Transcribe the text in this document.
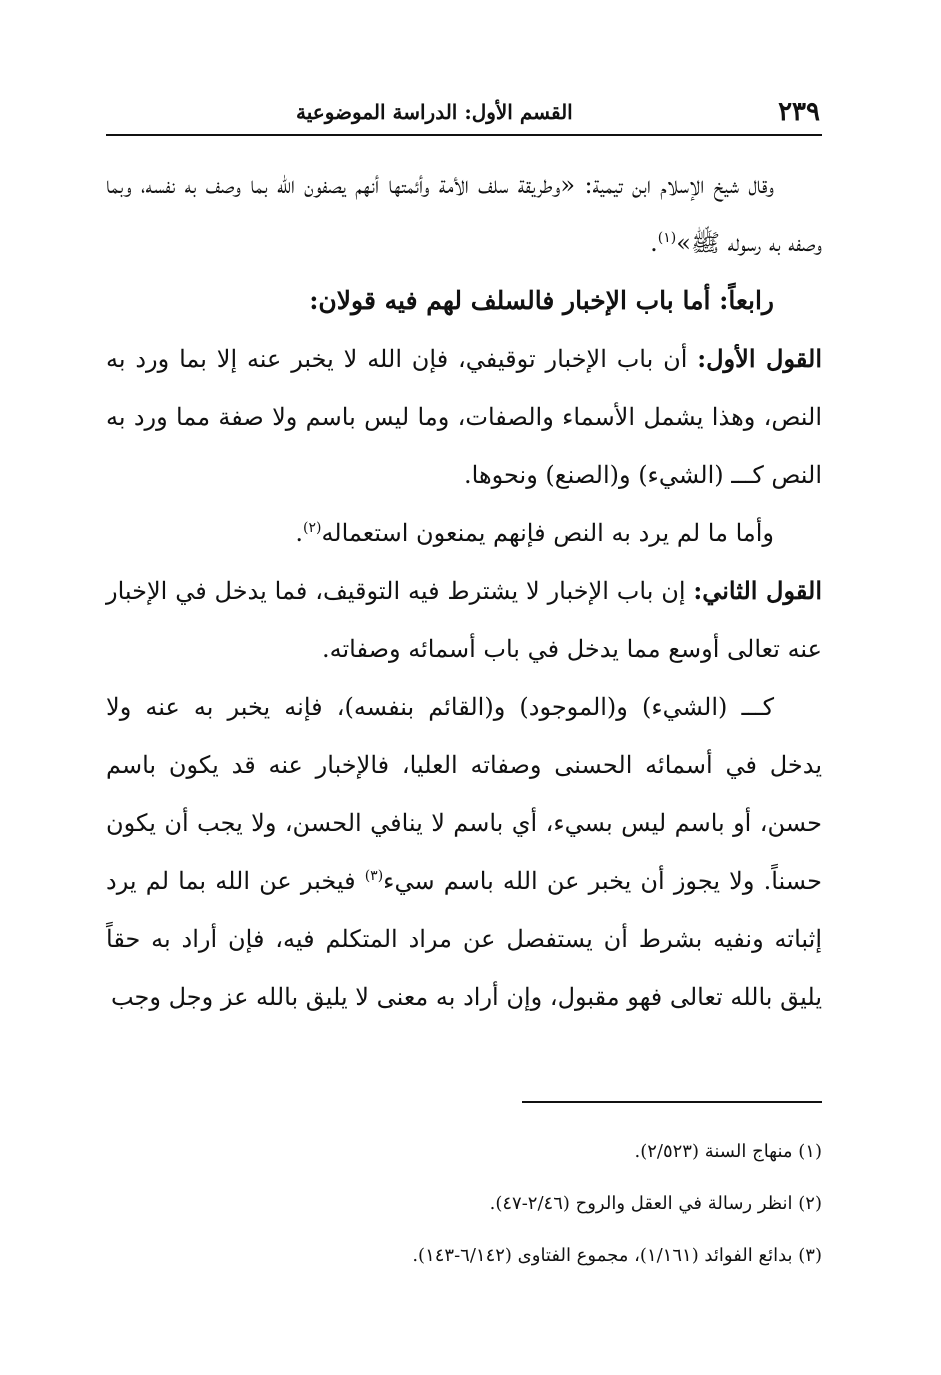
٢٣٩
القسم الأول: الدراسة الموضوعية

وقال شيخ الإسلام ابن تيمية: «وطريقة سلف الأمة وأئمتها أنهم يصفون الله بما وصف به نفسه، وبما وصفه به رسوله ﷺ»$^{(١)}$.

رابعاً: أما باب الإخبار فالسلف لهم فيه قولان:

القول الأول: أن باب الإخبار توقيفي، فإن الله لا يخبر عنه إلا بما ورد به النص، وهذا يشمل الأسماء والصفات، وما ليس باسم ولا صفة مما ورد به النص كـــ (الشيء) و(الصنع) ونحوها.

وأما ما لم يرد به النص فإنهم يمنعون استعماله$^{(٢)}$.

القول الثاني: إن باب الإخبار لا يشترط فيه التوقيف، فما يدخل في الإخبار عنه تعالى أوسع مما يدخل في باب أسمائه وصفاته.

كـــ (الشيء) و(الموجود) و(القائم بنفسه)، فإنه يخبر به عنه ولا يدخل في أسمائه الحسنى وصفاته العليا، فالإخبار عنه قد يكون باسم حسن، أو باسم ليس بسيء، أي باسم لا ينافي الحسن، ولا يجب أن يكون حسناً. ولا يجوز أن يخبر عن الله باسم سيء$^{(٣)}$ فيخبر عن الله بما لم يرد إثباته ونفيه بشرط أن يستفصل عن مراد المتكلم فيه، فإن أراد به حقاً يليق بالله تعالى فهو مقبول، وإن أراد به معنى لا يليق بالله عز وجل وجب

(١) منهاج السنة (٢/٥٢٣).

(٢) انظر رسالة في العقل والروح (٢/٤٦-٤٧).

(٣) بدائع الفوائد (١/١٦١)، مجموع الفتاوى (٦/١٤٢-١٤٣).
